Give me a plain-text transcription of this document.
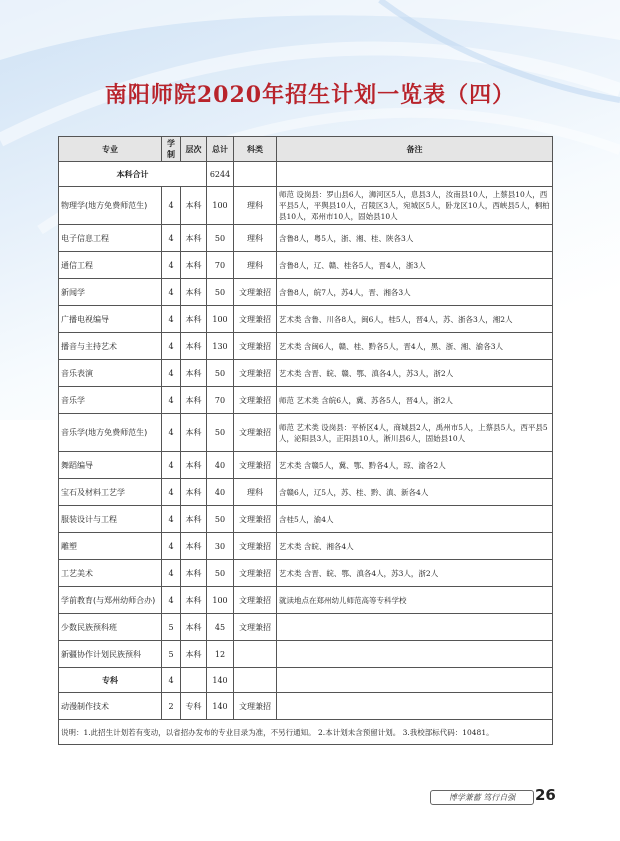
南阳师院2020年招生计划一览表（四）
专业	学制	层次	总计	科类	备注
本科合计			6244		
物理学(地方免费师范生)	4	本科	100	理科	师范 设岗县：罗山县6人，浉河区5人，息县3人，汝南县10人，上蔡县10人，西平县5人，平舆县10人，召陵区3人，宛城区5人，卧龙区10人，西峡县5人，桐柏县10人，邓州市10人，固始县10人
电子信息工程	4	本科	50	理科	含鲁8人，粤5人，浙、湘、桂、陕各3人
通信工程	4	本科	70	理科	含鲁8人，辽、赣、桂各5人，晋4人，浙3人
新闻学	4	本科	50	文理兼招	含鲁8人，皖7人，苏4人，晋、湘各3人
广播电视编导	4	本科	100	文理兼招	艺术类 含鲁、川各8人，闽6人，桂5人，晋4人，苏、浙各3人，湘2人
播音与主持艺术	4	本科	130	文理兼招	艺术类 含闽6人，赣、桂、黔各5人，晋4人，黑、浙、湘、渝各3人
音乐表演	4	本科	50	文理兼招	艺术类 含晋、皖、赣、鄂、滇各4人，苏3人，浙2人
音乐学	4	本科	70	文理兼招	师范 艺术类 含皖6人，冀、苏各5人，晋4人，浙2人
音乐学(地方免费师范生)	4	本科	50	文理兼招	师范 艺术类 设岗县：平桥区4人，商城县2人，禹州市5人，上蔡县5人，西平县5人，泌阳县3人，正阳县10人，淅川县6人，固始县10人
舞蹈编导	4	本科	40	文理兼招	艺术类 含赣5人，冀、鄂、黔各4人，琼、渝各2人
宝石及材料工艺学	4	本科	40	理科	含赣6人，辽5人，苏、桂、黔、滇、新各4人
服装设计与工程	4	本科	50	文理兼招	含桂5人，渝4人
雕塑	4	本科	30	文理兼招	艺术类 含皖、湘各4人
工艺美术	4	本科	50	文理兼招	艺术类 含晋、皖、鄂、滇各4人，苏3人，浙2人
学前教育(与郑州幼师合办)	4	本科	100	文理兼招	就读地点在郑州幼儿师范高等专科学校
少数民族预科班	5	本科	45	文理兼招	
新疆协作计划民族预科	5	本科	12		
专科	4		140		
动漫制作技术	2	专科	140	文理兼招	
说明：1.此招生计划若有变动，以省招办发布的专业目录为准，不另行通知。 2.本计划未含预留计划。 3.我校部标代码：10481。					
博学兼蓄 笃行自强	26
